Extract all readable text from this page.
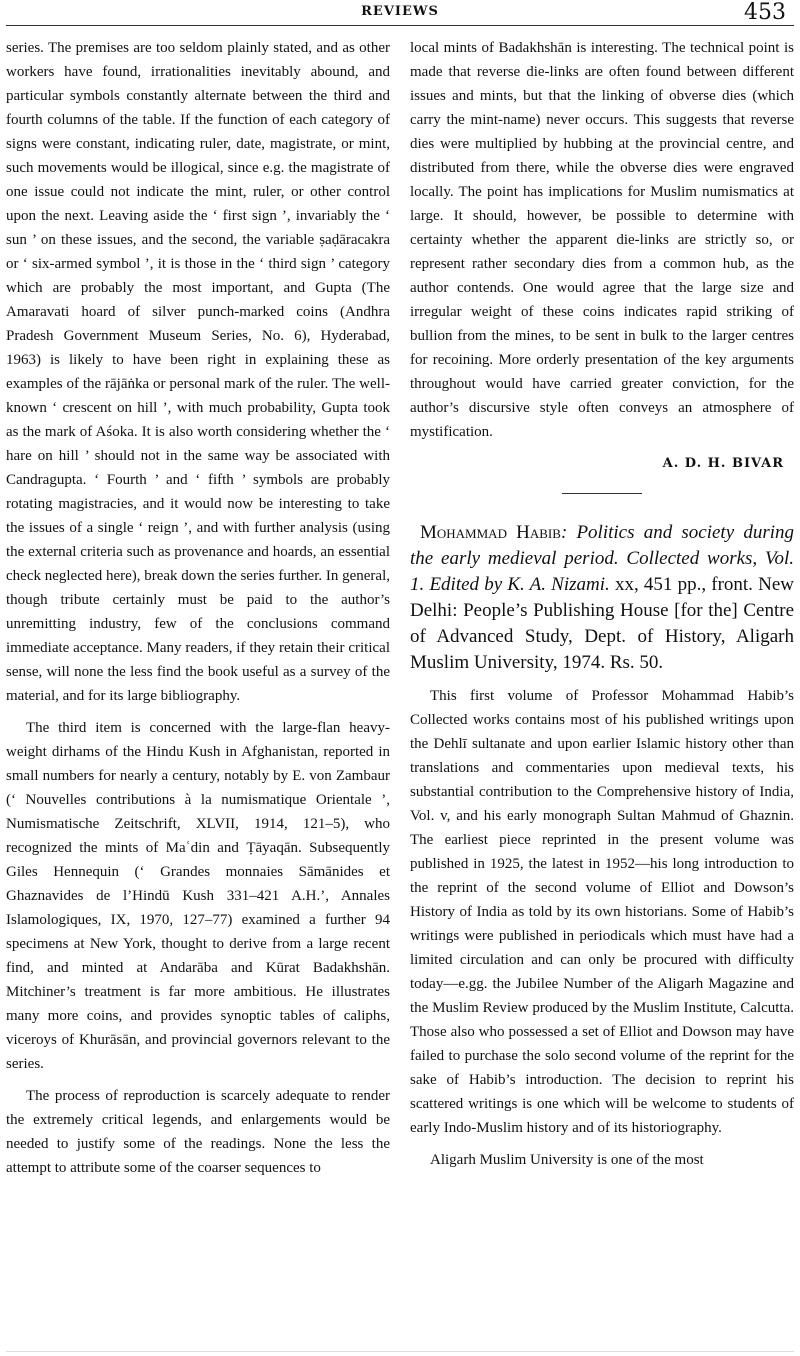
REVIEWS	453

series. The premises are too seldom plainly stated, and as other workers have found, irrationalities inevitably abound, and particular symbols constantly alternate between the third and fourth columns of the table. If the function of each category of signs were constant, indicating ruler, date, magistrate, or mint, such movements would be illogical, since e.g. the magistrate of one issue could not indicate the mint, ruler, or other control upon the next. Leaving aside the ‘ first sign ’, invariably the ‘ sun ’ on these issues, and the second, the variable ṣaḍāracakra or ‘ six-armed symbol ’, it is those in the ‘ third sign ’ category which are probably the most important, and Gupta (The Amaravati hoard of silver punch-marked coins (Andhra Pradesh Government Museum Series, No. 6), Hyderabad, 1963) is likely to have been right in explaining these as examples of the rājāṅka or personal mark of the ruler. The well-known ‘ crescent on hill ’, with much probability, Gupta took as the mark of Aśoka. It is also worth considering whether the ‘ hare on hill ’ should not in the same way be associated with Candragupta. ‘ Fourth ’ and ‘ fifth ’ symbols are probably rotating magistracies, and it would now be interesting to take the issues of a single ‘ reign ’, and with further analysis (using the external criteria such as provenance and hoards, an essential check neglected here), break down the series further. In general, though tribute certainly must be paid to the author’s unremitting industry, few of the conclusions command immediate acceptance. Many readers, if they retain their critical sense, will none the less find the book useful as a survey of the material, and for its large bibliography.

The third item is concerned with the large-flan heavy-weight dirhams of the Hindu Kush in Afghanistan, reported in small numbers for nearly a century, notably by E. von Zambaur (‘ Nouvelles contributions à la numismatique Orientale ’, Numismatische Zeitschrift, XLVII, 1914, 121–5), who recognized the mints of Maʿdin and Ṭāyaqān. Subsequently Giles Hennequin (‘ Grandes monnaies Sāmānides et Ghaznavides de l’Hindū Kush 331–421 A.H.’, Annales Islamologiques, IX, 1970, 127–77) examined a further 94 specimens at New York, thought to derive from a large recent find, and minted at Andarāba and Kūrat Badakhshān. Mitchiner’s treatment is far more ambitious. He illustrates many more coins, and provides synoptic tables of caliphs, viceroys of Khurāsān, and provincial governors relevant to the series.

The process of reproduction is scarcely adequate to render the extremely critical legends, and enlargements would be needed to justify some of the readings. None the less the attempt to attribute some of the coarser sequences to

local mints of Badakhshān is interesting. The technical point is made that reverse die-links are often found between different issues and mints, but that the linking of obverse dies (which carry the mint-name) never occurs. This suggests that reverse dies were multiplied by hubbing at the provincial centre, and distributed from there, while the obverse dies were engraved locally. The point has implications for Muslim numismatics at large. It should, however, be possible to determine with certainty whether the apparent die-links are strictly so, or represent rather secondary dies from a common hub, as the author contends. One would agree that the large size and irregular weight of these coins indicates rapid striking of bullion from the mines, to be sent in bulk to the larger centres for recoining. More orderly presentation of the key arguments throughout would have carried greater conviction, for the author’s discursive style often conveys an atmosphere of mystification.

A. D. H. BIVAR

Mohammad Habib: Politics and society during the early medieval period. Collected works, Vol. 1. Edited by K. A. Nizami. xx, 451 pp., front. New Delhi: People’s Publishing House [for the] Centre of Advanced Study, Dept. of History, Aligarh Muslim University, 1974. Rs. 50.

This first volume of Professor Mohammad Habib’s Collected works contains most of his published writings upon the Dehlī sultanate and upon earlier Islamic history other than translations and commentaries upon medieval texts, his substantial contribution to the Comprehensive history of India, Vol. v, and his early monograph Sultan Mahmud of Ghaznin. The earliest piece reprinted in the present volume was published in 1925, the latest in 1952—his long introduction to the reprint of the second volume of Elliot and Dowson’s History of India as told by its own historians. Some of Habib’s writings were published in periodicals which must have had a limited circulation and can only be procured with difficulty today—e.gg. the Jubilee Number of the Aligarh Magazine and the Muslim Review produced by the Muslim Institute, Calcutta. Those also who possessed a set of Elliot and Dowson may have failed to purchase the solo second volume of the reprint for the sake of Habib’s introduction. The decision to reprint his scattered writings is one which will be welcome to students of early Indo-Muslim history and of its historiography.

Aligarh Muslim University is one of the most
